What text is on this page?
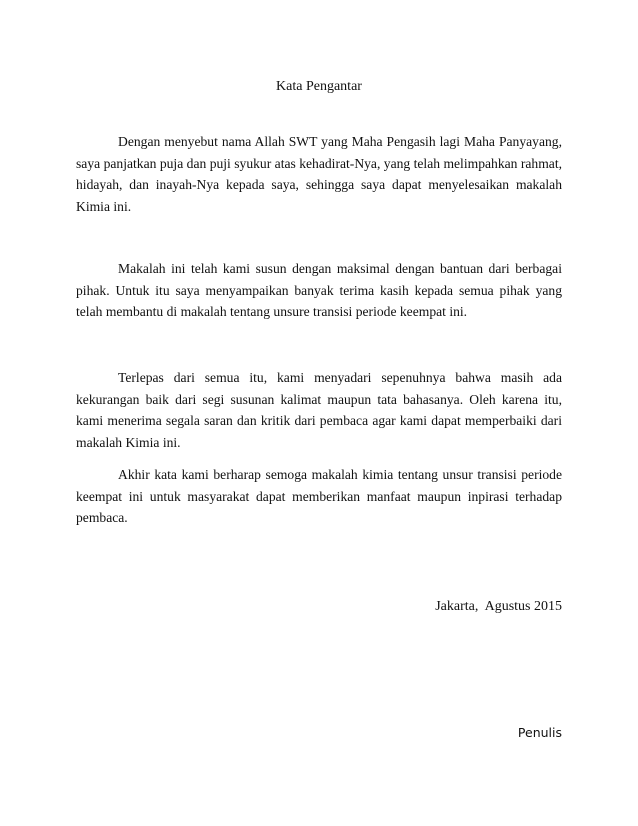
Kata Pengantar

Dengan menyebut nama Allah SWT yang Maha Pengasih lagi Maha Panyayang, saya panjatkan puja dan puji syukur atas kehadirat-Nya, yang telah melimpahkan rahmat, hidayah, dan inayah-Nya kepada saya, sehingga saya dapat menyelesaikan makalah Kimia ini.

Makalah ini telah kami susun dengan maksimal dengan bantuan dari berbagai pihak. Untuk itu saya menyampaikan banyak terima kasih kepada semua pihak yang telah membantu di makalah tentang unsure transisi periode keempat ini.

Terlepas dari semua itu, kami menyadari sepenuhnya bahwa masih ada kekurangan baik dari segi susunan kalimat maupun tata bahasanya. Oleh karena itu, kami menerima segala saran dan kritik dari pembaca agar kami dapat memperbaiki dari makalah Kimia ini.

Akhir kata kami berharap semoga makalah kimia tentang unsur transisi periode keempat ini untuk masyarakat dapat memberikan manfaat maupun inpirasi terhadap pembaca.

Jakarta,  Agustus 2015
Penulis
